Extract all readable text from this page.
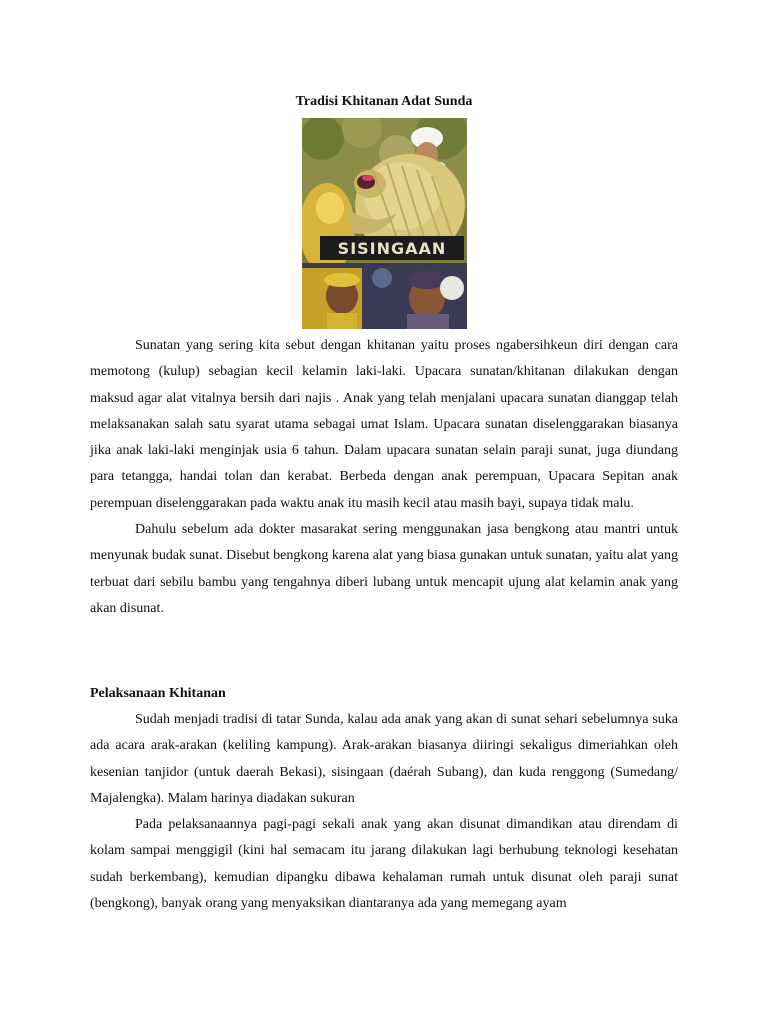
Tradisi Khitanan Adat Sunda
SISINGAAN

Sunatan yang sering kita sebut dengan khitanan yaitu proses ngabersihkeun diri dengan cara memotong (kulup) sebagian kecil kelamin laki-laki. Upacara sunatan/khitanan dilakukan dengan maksud agar alat vitalnya bersih dari najis . Anak yang telah menjalani upacara sunatan dianggap telah melaksanakan salah satu syarat utama sebagai umat Islam. Upacara sunatan diselenggarakan biasanya jika anak laki-laki menginjak usia 6 tahun. Dalam upacara sunatan selain paraji sunat, juga diundang para tetangga, handai tolan dan kerabat. Berbeda dengan anak perempuan, Upacara Sepitan anak perempuan diselenggarakan pada waktu anak itu masih kecil atau masih bayi, supaya tidak malu.

Dahulu sebelum ada dokter masarakat sering menggunakan jasa bengkong atau mantri untuk menyunak budak sunat. Disebut bengkong karena alat yang biasa gunakan untuk sunatan, yaitu alat yang terbuat dari sebilu bambu yang tengahnya diberi lubang untuk mencapit ujung alat kelamin anak yang akan disunat.

Pelaksanaan Khitanan

Sudah menjadi tradisi di tatar Sunda, kalau ada anak yang akan di sunat sehari sebelumnya suka ada acara arak-arakan (keliling kampung). Arak-arakan biasanya diiringi sekaligus dimeriahkan oleh kesenian tanjidor (untuk daerah Bekasi), sisingaan (daérah Subang), dan kuda renggong (Sumedang/ Majalengka). Malam harinya diadakan sukuran

Pada pelaksanaannya pagi-pagi sekali anak yang akan disunat dimandikan atau direndam di kolam sampai menggigil (kini hal semacam itu jarang dilakukan lagi berhubung teknologi kesehatan sudah berkembang), kemudian dipangku dibawa kehalaman rumah untuk disunat oleh paraji sunat (bengkong), banyak orang yang menyaksikan diantaranya ada yang memegang ayam
